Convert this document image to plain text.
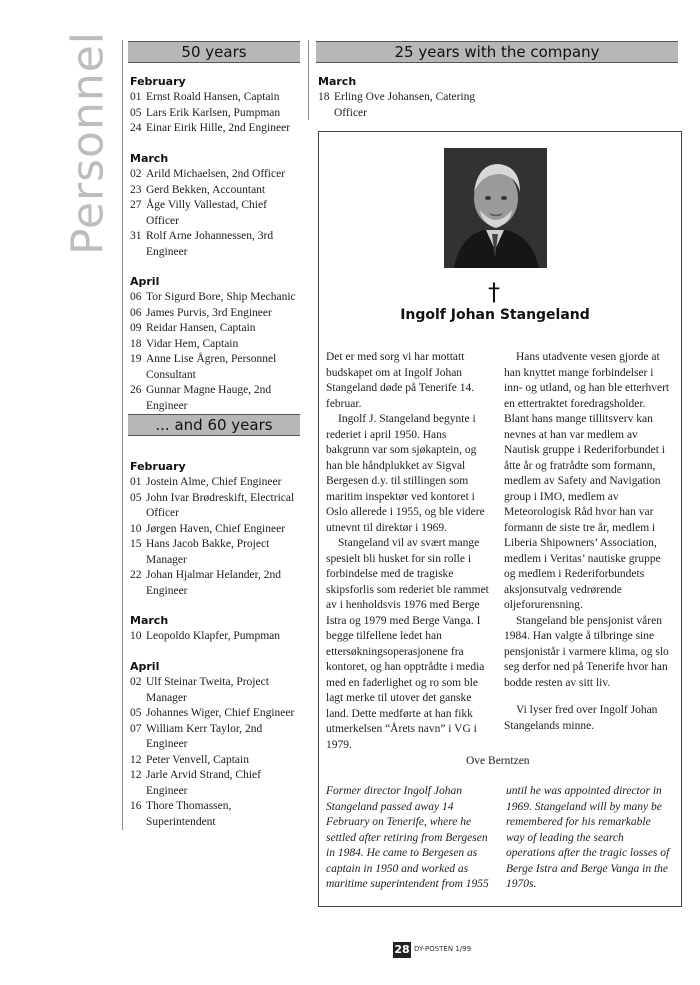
Personnel	50 years
... and 60 years
25 years with the company
February
01 Ernst Roald Hansen, Captain
05 Lars Erik Karlsen, Pumpman
24 Einar Eirik Hille, 2nd Engineer
March
02 Arild Michaelsen, 2nd Officer
23 Gerd Bekken, Accountant
27 Åge Villy Vallestad, Chief Officer
31 Rolf Arne Johannessen, 3rd Engineer
April
06 Tor Sigurd Bore, Ship Mechanic
06 James Purvis, 3rd Engineer
09 Reidar Hansen, Captain
18 Vidar Hem, Captain
19 Anne Lise Ågren, Personnel Consultant
26 Gunnar Magne Hauge, 2nd Engineer
February
01 Jostein Alme, Chief Engineer
05 John Ivar Brødreskift, Electrical Officer
10 Jørgen Haven, Chief Engineer
15 Hans Jacob Bakke, Project Manager
22 Johan Hjalmar Helander, 2nd Engineer
March
10 Leopoldo Klapfer, Pumpman
April
02 Ulf Steinar Tweita, Project Manager
05 Johannes Wiger, Chief Engineer
07 William Kerr Taylor, 2nd Engineer
12 Peter Venvell, Captain
12 Jarle Arvid Strand, Chief Engineer
16 Thore Thomassen, Superintendent
March
18 Erling Ove Johansen, Catering Officer
†
Ingolf Johan Stangeland

Det er med sorg vi har mottatt budskapet om at Ingolf Johan Stangeland døde på Tenerife 14. februar.

Ingolf J. Stangeland begynte i rederiet i april 1950. Hans bakgrunn var som sjøkaptein, og han ble håndplukket av Sigval Bergesen d.y. til stillingen som maritim inspektør ved kontoret i Oslo allerede i 1955, og ble videre utnevnt til direktør i 1969.

Stangeland vil av svært mange spesielt bli husket for sin rolle i forbindelse med de tragiske skipsforlis som rederiet ble rammet av i henholdsvis 1976 med Berge Istra og 1979 med Berge Vanga. I begge tilfellene ledet han ettersøkningsoperasjonene fra kontoret, og han opptrådte i media med en faderlighet og ro som ble lagt merke til utover det ganske land. Dette medførte at han fikk utmerkelsen “Årets navn” i VG i 1979.

Hans utadvente vesen gjorde at han knyttet mange forbindelser i inn- og utland, og han ble etterhvert en ettertraktet foredragsholder. Blant hans mange tillitsverv kan nevnes at han var medlem av Nautisk gruppe i Rederiforbundet i åtte år og fratrådte som formann, medlem av Safety and Navigation group i IMO, medlem av Meteorologisk Råd hvor han var formann de siste tre år, medlem i Liberia Shipowners’ Association, medlem i Veritas’ nautiske gruppe og medlem i Rederiforbundets aksjonsutvalg vedrørende oljeforurensning.

Stangeland ble pensjonist våren 1984. Han valgte å tilbringe sine pensjonistår i varmere klima, og slo seg derfor ned på Tenerife hvor han bodde resten av sitt liv.

Vi lyser fred over Ingolf Johan Stangelands minne.

Ove Berntzen
Former director Ingolf Johan Stangeland passed away 14 February on Tenerife, where he settled after retiring from Bergesen in 1984. He came to Bergesen as captain in 1950 and worked as maritime superintendent from 1955
until he was appointed director in 1969. Stangeland will by many be remembered for his remarkable way of leading the search operations after the tragic losses of Berge Istra and Berge Vanga in the 1970s.
28 DY-POSTEN 1/99
